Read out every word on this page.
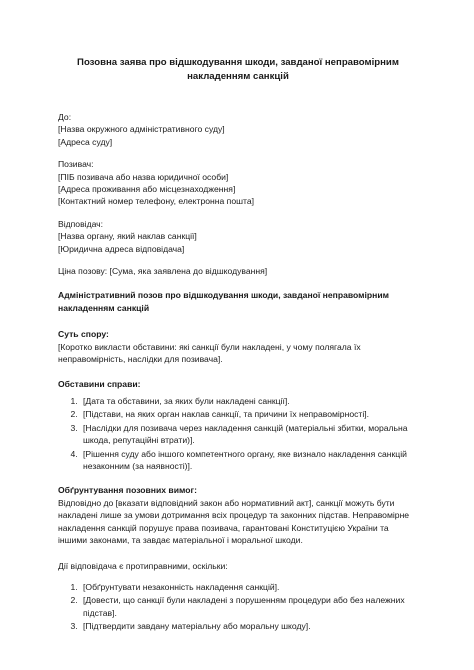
Позовна заява про відшкодування шкоди, завданої неправомірним
накладенням санкцій
До:
[Назва окружного адміністративного суду]
[Адреса суду]
Позивач:
[ПІБ позивача або назва юридичної особи]
[Адреса проживання або місцезнаходження]
[Контактний номер телефону, електронна пошта]
Відповідач:
[Назва органу, який наклав санкції]
[Юридична адреса відповідача]
Ціна позову: [Сума, яка заявлена до відшкодування]
Адміністративний позов про відшкодування шкоди, завданої неправомірним
накладенням санкцій
Суть спору:
[Коротко викласти обставини: які санкції були накладені, у чому полягала їх
неправомірність, наслідки для позивача].
Обставини справи:
1. [Дата та обставини, за яких були накладені санкції].
2. [Підстави, на яких орган наклав санкції, та причини їх неправомірності].
3. [Наслідки для позивача через накладення санкцій (матеріальні збитки, моральна
шкода, репутаційні втрати)].
4. [Рішення суду або іншого компетентного органу, яке визнало накладення санкцій
незаконним (за наявності)].
Обґрунтування позовних вимог:
Відповідно до [вказати відповідний закон або нормативний акт], санкції можуть бути
накладені лише за умови дотримання всіх процедур та законних підстав. Неправомірне
накладення санкцій порушує права позивача, гарантовані Конституцією України та
іншими законами, та завдає матеріальної і моральної шкоди.
Дії відповідача є протиправними, оскільки:
1. [Обґрунтувати незаконність накладення санкцій].
2. [Довести, що санкції були накладені з порушенням процедури або без належних
підстав].
3. [Підтвердити завдану матеріальну або моральну шкоду].
